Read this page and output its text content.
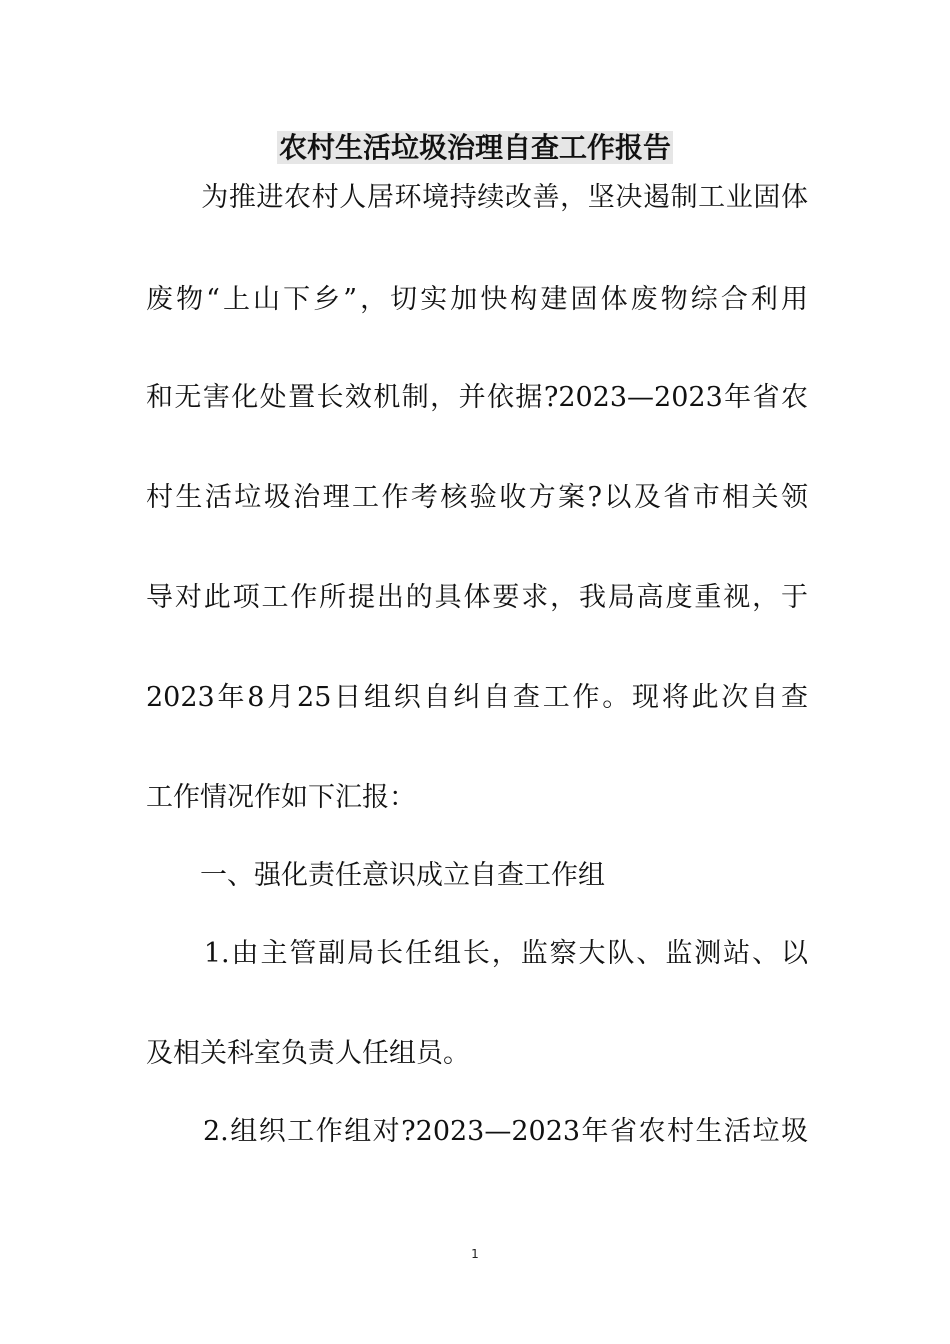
农村生活垃圾治理自查工作报告
　　为推进农村人居环境持续改善，坚决遏制工业固体
废物“上山下乡”，切实加快构建固体废物综合利用
和无害化处置长效机制，并依据?2023—2023年省农
村生活垃圾治理工作考核验收方案?以及省市相关领
导对此项工作所提出的具体要求，我局高度重视，于
2023年8月25日组织自纠自查工作。现将此次自查
工作情况作如下汇报：
　　一、强化责任意识成立自查工作组
　　1.由主管副局长任组长，监察大队、监测站、以
及相关科室负责人任组员。
　　2.组织工作组对?2023—2023年省农村生活垃圾
1
